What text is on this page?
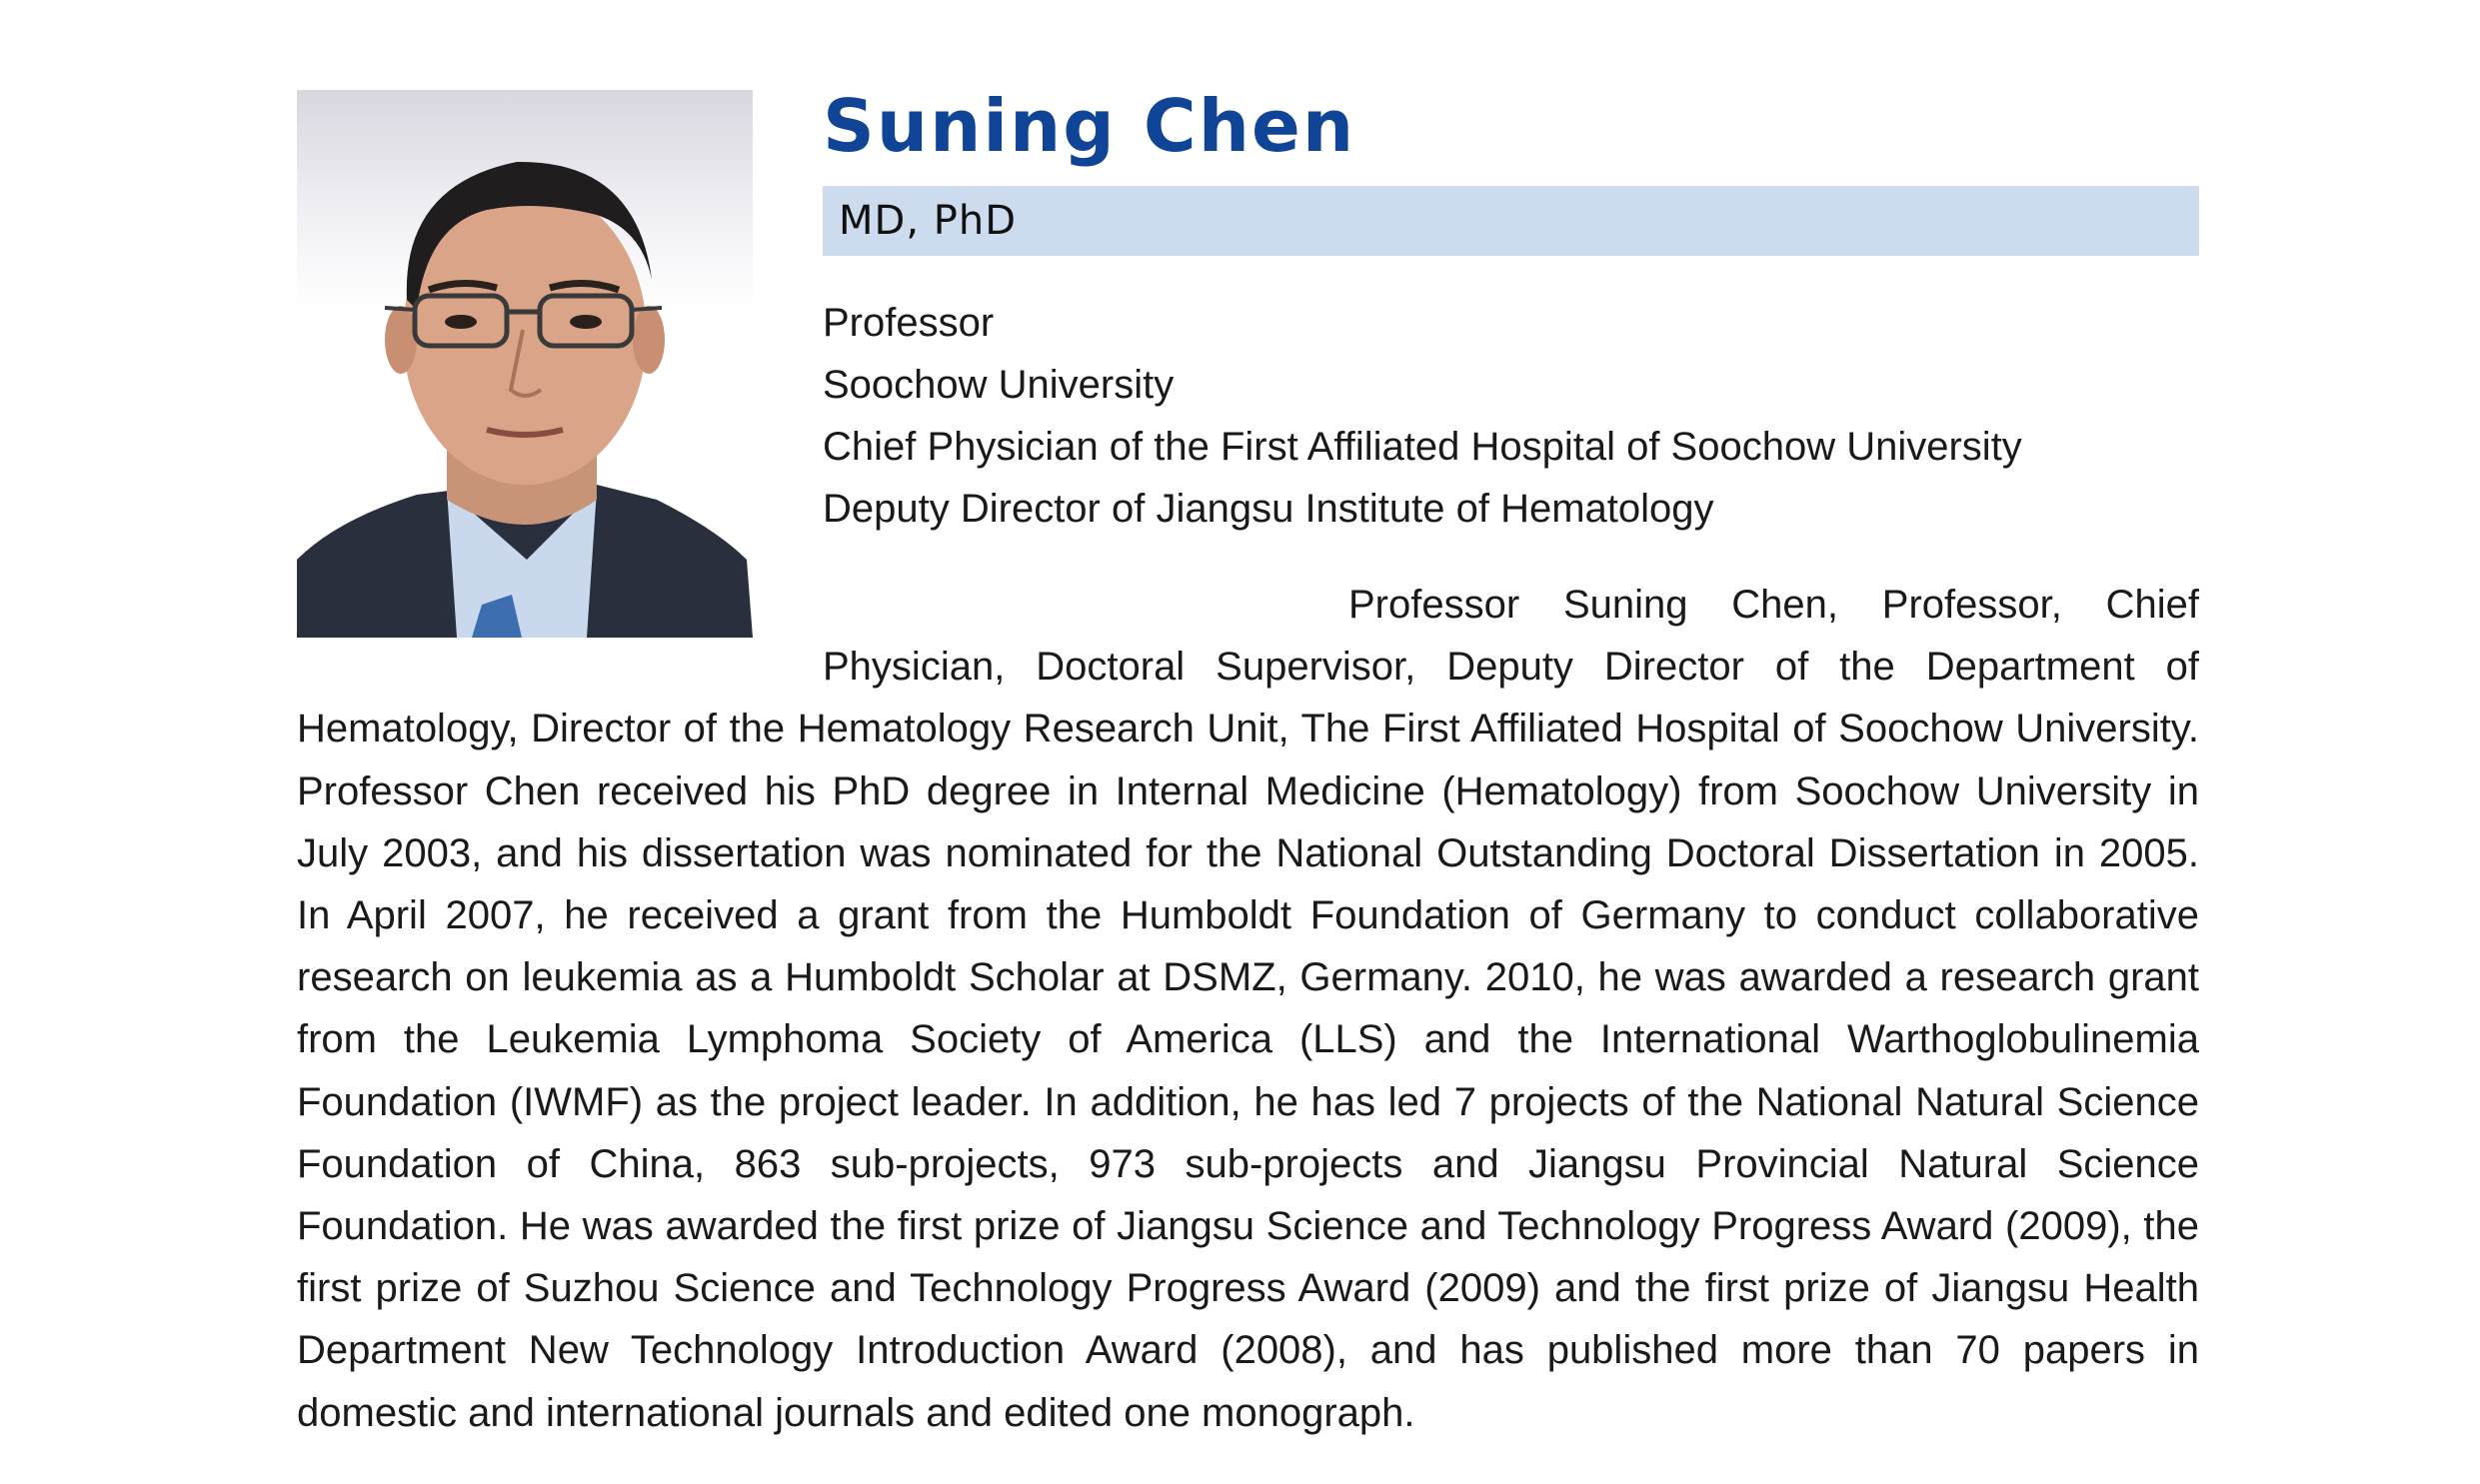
Suning Chen
MD, PhD
Professor
Soochow University
Chief Physician of the First Affiliated Hospital of Soochow University
Deputy Director of Jiangsu Institute of Hematology

Professor Suning Chen, Professor, Chief Physician, Doctoral Supervisor, Deputy Director of the Department of Hematology, Director of the Hematology Research Unit, The First Affiliated Hospital of Soochow University. Professor Chen received his PhD degree in Internal Medicine (Hematology) from Soochow University in July 2003, and his dissertation was nominated for the National Outstanding Doctoral Dissertation in 2005. In April 2007, he received a grant from the Humboldt Foundation of Germany to conduct collaborative research on leukemia as a Humboldt Scholar at DSMZ, Germany. 2010, he was awarded a research grant from the Leukemia Lymphoma Society of America (LLS) and the International Warthoglobulinemia Foundation (IWMF) as the project leader. In addition, he has led 7 projects of the National Natural Science Foundation of China, 863 sub-projects, 973 sub-projects and Jiangsu Provincial Natural Science Foundation. He was awarded the first prize of Jiangsu Science and Technology Progress Award (2009), the first prize of Suzhou Science and Technology Progress Award (2009) and the first prize of Jiangsu Health Department New Technology Introduction Award (2008), and has published more than 70 papers in domestic and international journals and edited one monograph.
